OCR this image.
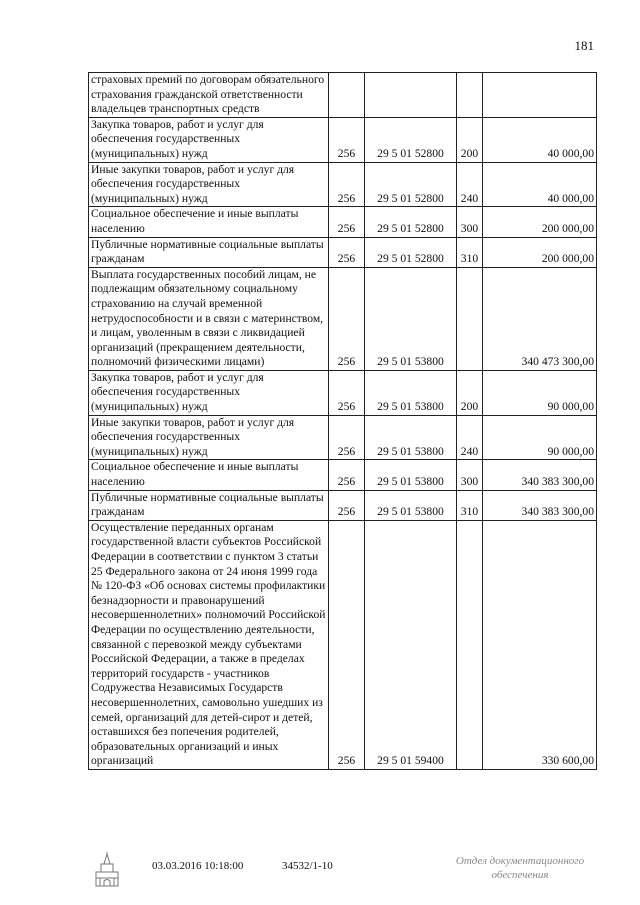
181
страховых премий по договорам обязательного страхования гражданской ответственности владельцев транспортных средств				

Закупка товаров, работ и услуг для обеспечения государственных (муниципальных) нужд	256	29 5 01 52800	200	40 000,00

Иные закупки товаров, работ и услуг для обеспечения государственных (муниципальных) нужд	256	29 5 01 52800	240	40 000,00

Социальное обеспечение и иные выплаты населению	256	29 5 01 52800	300	200 000,00

Публичные нормативные социальные выплаты гражданам	256	29 5 01 52800	310	200 000,00

Выплата государственных пособий лицам, не подлежащим обязательному социальному страхованию на случай временной нетрудоспособности и в связи с материнством, и лицам, уволенным в связи с ликвидацией организаций (прекращением деятельности, полномочий физическими лицами)	256	29 5 01 53800		340 473 300,00

Закупка товаров, работ и услуг для обеспечения государственных (муниципальных) нужд	256	29 5 01 53800	200	90 000,00

Иные закупки товаров, работ и услуг для обеспечения государственных (муниципальных) нужд	256	29 5 01 53800	240	90 000,00

Социальное обеспечение и иные выплаты населению	256	29 5 01 53800	300	340 383 300,00

Публичные нормативные социальные выплаты гражданам	256	29 5 01 53800	310	340 383 300,00

Осуществление переданных органам государственной власти субъектов Российской Федерации в соответствии с пунктом 3 статьи 25 Федерального закона от 24 июня 1999 года № 120-ФЗ «Об основах системы профилактики безнадзорности и правонарушений несовершеннолетних» полномочий Российской Федерации по осуществлению деятельности, связанной с перевозкой между субъектами Российской Федерации, а также в пределах территорий государств - участников Содружества Независимых Государств несовершеннолетних, самовольно ушедших из семей, организаций для детей-сирот и детей, оставшихся без попечения родителей, образовательных организаций и иных организаций	256	29 5 01 59400		330 600,00
03.03.2016 10:18:00	34532/1-10	Отдел документационного
обеспечения
